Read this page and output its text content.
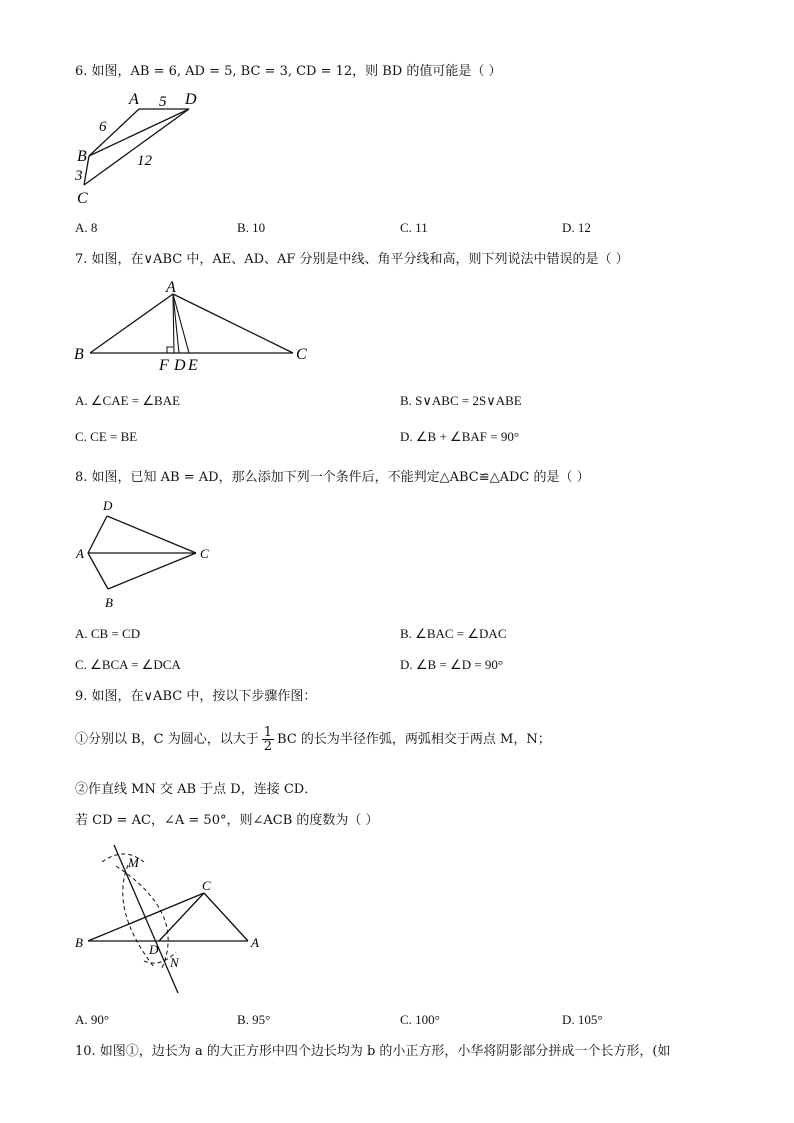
6. 如图，AB = 6, AD = 5, BC = 3, CD = 12，则 BD 的值可能是（ ）
A 5 D
6
B	12
3
C
A. 8	B. 10	C. 11	D. 12
7. 如图，在∨ABC 中，AE、AD、AF 分别是中线、角平分线和高，则下列说法中错误的是（ ）
A
B	C
F D E
A. ∠CAE = ∠BAE	B. S∨ABC = 2S∨ABE
C. CE = BE	D. ∠B + ∠BAF = 90°
8. 如图，已知 AB = AD，那么添加下列一个条件后，不能判定△ABC≌△ADC 的是（ ）
D
A	C
B
A. CB = CD	B. ∠BAC = ∠DAC
C. ∠BCA = ∠DCA	D. ∠B = ∠D = 90°
9. 如图，在∨ABC 中，按以下步骤作图：
①分别以 B，C 为圆心，以大于 $\frac{1}{2}$ BC 的长为半径作弧，两弧相交于两点 M，N；
②作直线 MN 交 AB 于点 D，连接 CD．
若 CD = AC，∠A = 50°，则∠ACB 的度数为（ ）
M
C
B	D	A
N
A. 90°	B. 95°	C. 100°	D. 105°
10. 如图①，边长为 a 的大正方形中四个边长均为 b 的小正方形，小华将阴影部分拼成一个长方形，(如
